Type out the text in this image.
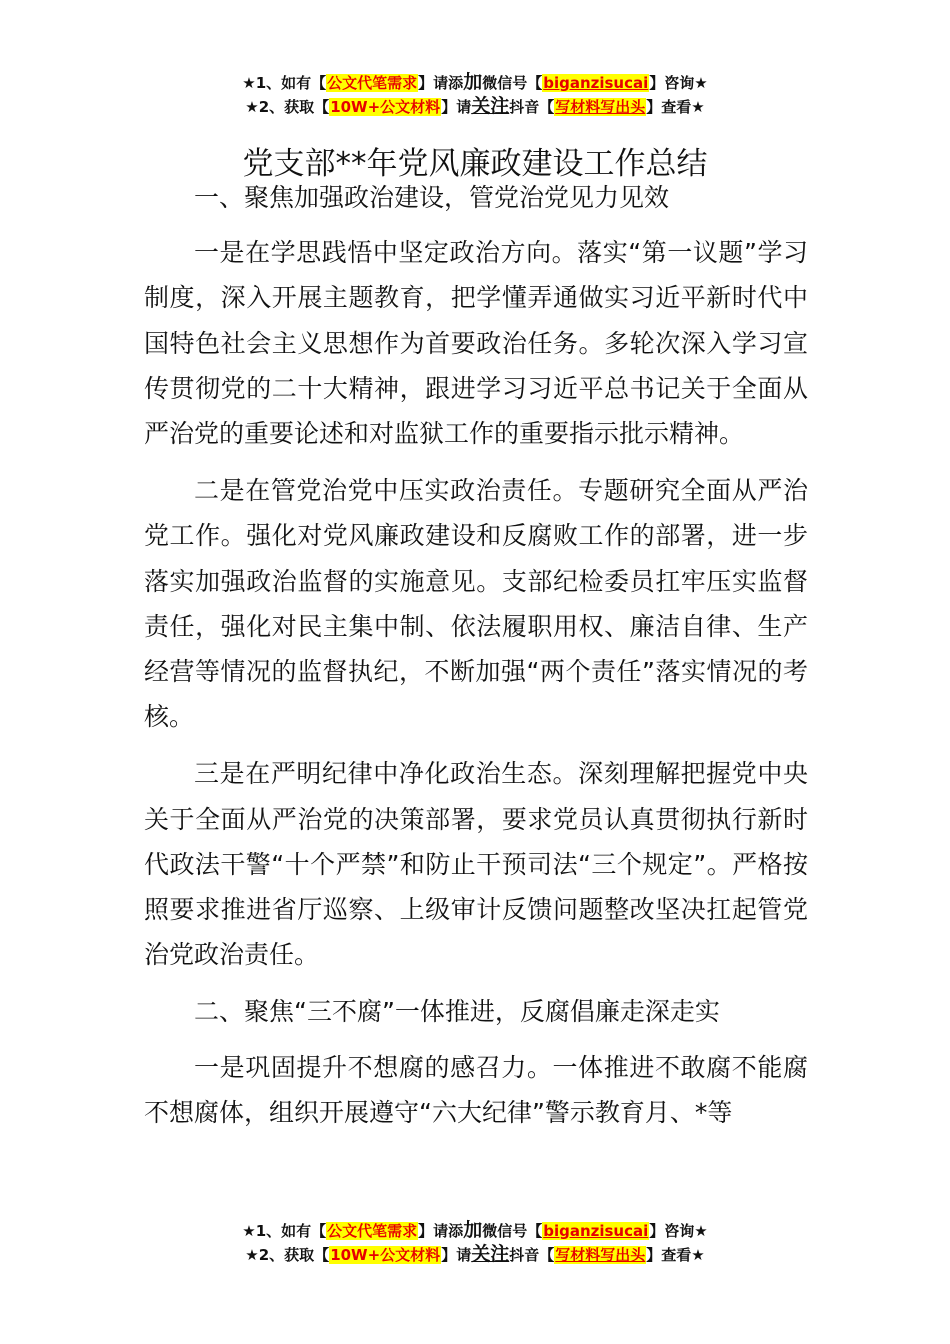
★1、如有【公文代笔需求】请添加微信号【biganzisucai】咨询★
★2、获取【10W+公文材料】请关注抖音【写材料写出头】查看★
党支部**年党风廉政建设工作总结

一、聚焦加强政治建设，管党治党见力见效

一是在学思践悟中坚定政治方向。落实“第一议题”学习制度，深入开展主题教育，把学懂弄通做实习近平新时代中国特色社会主义思想作为首要政治任务。多轮次深入学习宣传贯彻党的二十大精神，跟进学习习近平总书记关于全面从严治党的重要论述和对监狱工作的重要指示批示精神。

二是在管党治党中压实政治责任。专题研究全面从严治党工作。强化对党风廉政建设和反腐败工作的部署，进一步落实加强政治监督的实施意见。支部纪检委员扛牢压实监督责任，强化对民主集中制、依法履职用权、廉洁自律、生产经营等情况的监督执纪，不断加强“两个责任”落实情况的考核。

三是在严明纪律中净化政治生态。深刻理解把握党中央关于全面从严治党的决策部署，要求党员认真贯彻执行新时代政法干警“十个严禁”和防止干预司法“三个规定”。严格按照要求推进省厅巡察、上级审计反馈问题整改坚决扛起管党治党政治责任。

二、聚焦“三不腐”一体推进，反腐倡廉走深走实

一是巩固提升不想腐的感召力。一体推进不敢腐不能腐不想腐体，组织开展遵守“六大纪律”警示教育月、*等

★1、如有【公文代笔需求】请添加微信号【biganzisucai】咨询★
★2、获取【10W+公文材料】请关注抖音【写材料写出头】查看★
